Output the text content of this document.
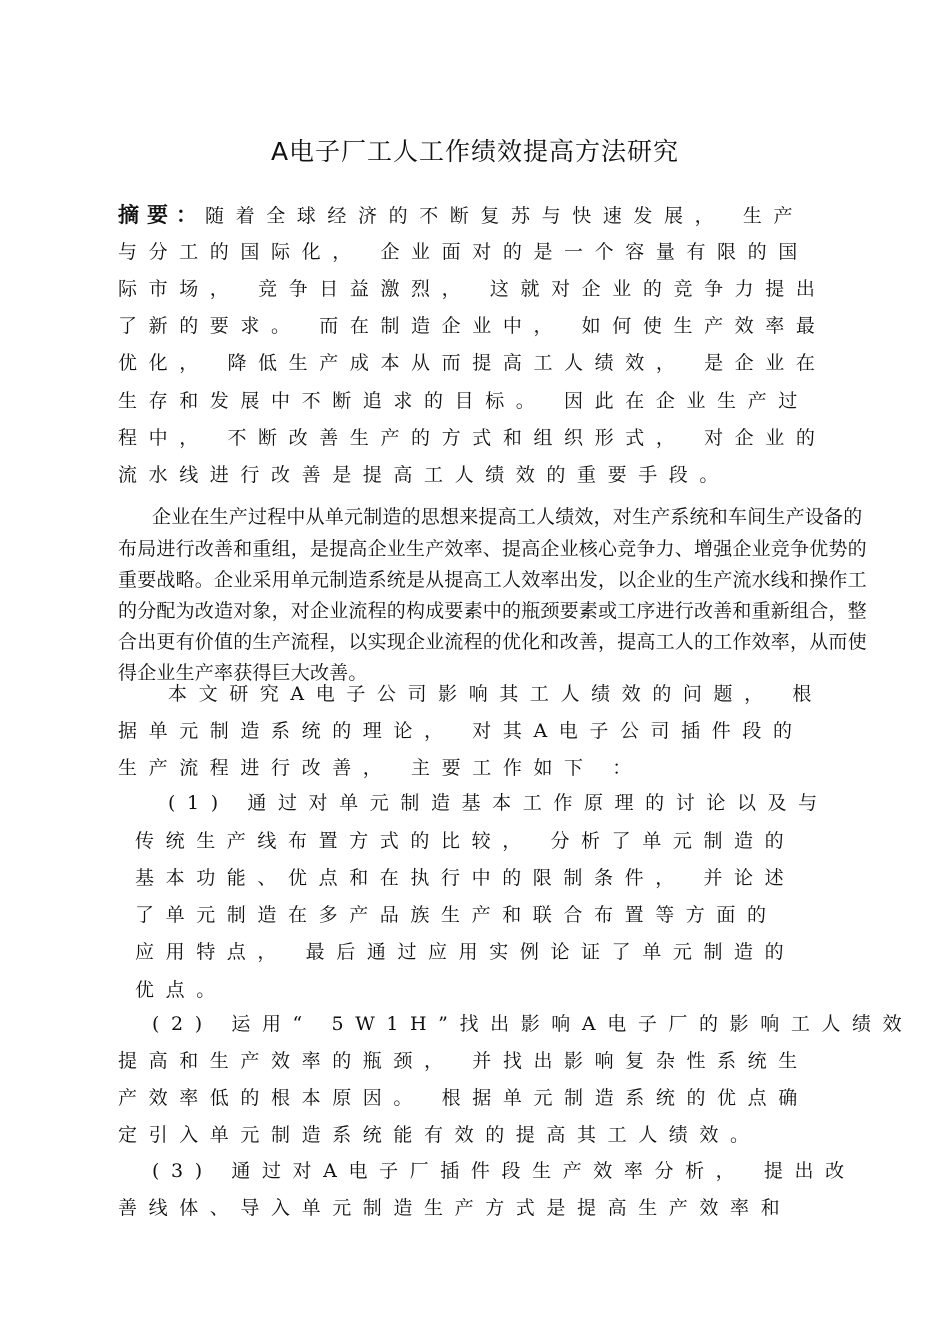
A电子厂工人工作绩效提高方法研究
摘要：随着全球经济的不断复苏与快速发展， 生产
与分工的国际化， 企业面对的是一个容量有限的国
际市场， 竞争日益激烈， 这就对企业的竞争力提出
了新的要求。 而在制造企业中， 如何使生产效率最
优化， 降低生产成本从而提高工人绩效， 是企业在
生存和发展中不断追求的目标。 因此在企业生产过
程中， 不断改善生产的方式和组织形式， 对企业的
流水线进行改善是提高工人绩效的重要手段。
企业在生产过程中从单元制造的思想来提高工人绩效，对生产系统和车间生产设备的
布局进行改善和重组，是提高企业生产效率、提高企业核心竞争力、增强企业竞争优势的
重要战略。企业采用单元制造系统是从提高工人效率出发，以企业的生产流水线和操作工
的分配为改造对象，对企业流程的构成要素中的瓶颈要素或工序进行改善和重新组合，整
合出更有价值的生产流程，以实现企业流程的优化和改善，提高工人的工作效率，从而使
得企业生产率获得巨大改善。
本文研究A电子公司影响其工人绩效的问题， 根
据单元制造系统的理论， 对其A电子公司插件段的
生产流程进行改善， 主要工作如下 ：
(1) 通过对单元制造基本工作原理的讨论以及与
传统生产线布置方式的比较， 分析了单元制造的
基本功能、优点和在执行中的限制条件， 并论述
了单元制造在多产品族生产和联合布置等方面的
应用特点， 最后通过应用实例论证了单元制造的
优点。
(2) 运用“ 5W1H”找出影响A电子厂的影响工人绩效
提高和生产效率的瓶颈， 并找出影响复杂性系统生
产效率低的根本原因。 根据单元制造系统的优点确
定引入单元制造系统能有效的提高其工人绩效。
(3) 通过对A电子厂插件段生产效率分析， 提出改
善线体、导入单元制造生产方式是提高生产效率和
